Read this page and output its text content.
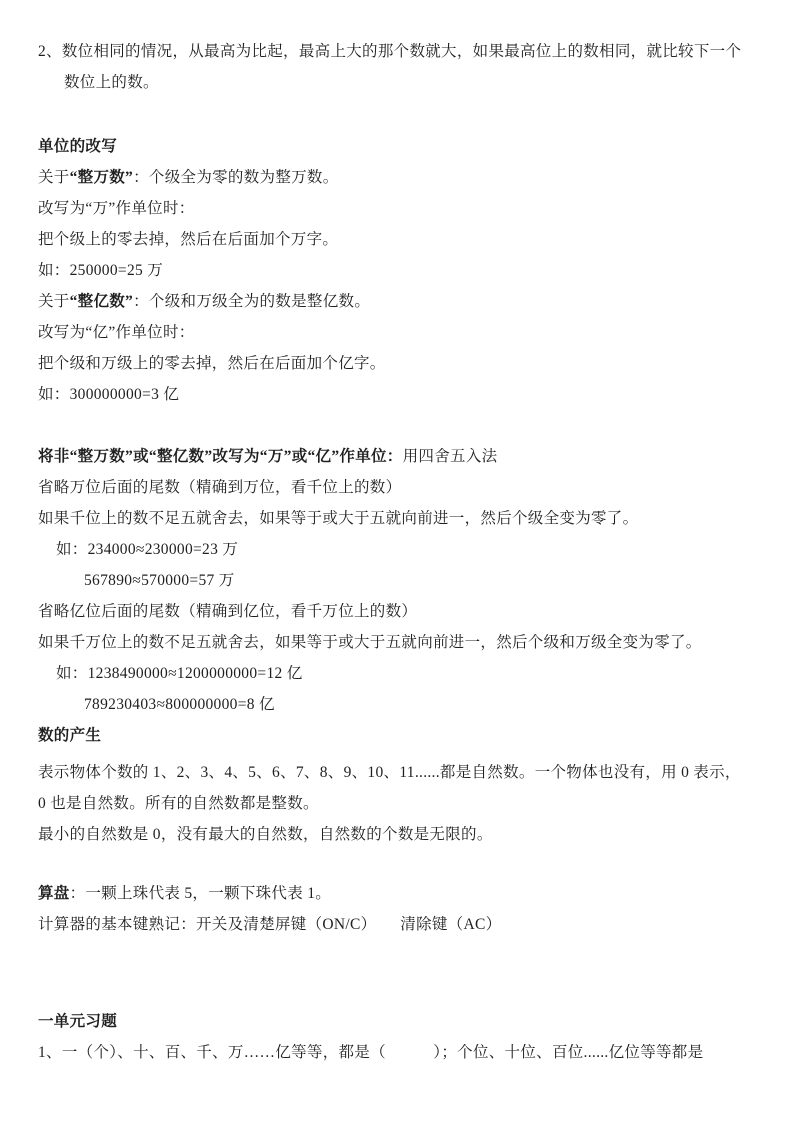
2、数位相同的情况，从最高为比起，最高上大的那个数就大，如果最高位上的数相同，就比较下一个

数位上的数。

单位的改写

关于“整万数”：个级全为零的数为整万数。

改写为“万”作单位时：

把个级上的零去掉，然后在后面加个万字。

如：250000=25 万

关于“整亿数”：个级和万级全为的数是整亿数。

改写为“亿”作单位时：

把个级和万级上的零去掉，然后在后面加个亿字。

如：300000000=3 亿

将非“整万数”或“整亿数”改写为“万”或“亿”作单位：用四舍五入法

省略万位后面的尾数（精确到万位，看千位上的数）

如果千位上的数不足五就舍去，如果等于或大于五就向前进一，然后个级全变为零了。

如：234000≈230000=23 万

567890≈570000=57 万

省略亿位后面的尾数（精确到亿位，看千万位上的数）

如果千万位上的数不足五就舍去，如果等于或大于五就向前进一，然后个级和万级全变为零了。

如：1238490000≈1200000000=12 亿

789230403≈800000000=8 亿

数的产生

表示物体个数的 1、2、3、4、5、6、7、8、9、10、11......都是自然数。一个物体也没有，用 0 表示，

0 也是自然数。所有的自然数都是整数。

最小的自然数是 0，没有最大的自然数，自然数的个数是无限的。

算盘：一颗上珠代表 5，一颗下珠代表 1。

计算器的基本键熟记：开关及清楚屏键（ON/C）　　清除键（AC）

一单元习题

1、一（个）、十、百、千、万……亿等等，都是（　　　）；个位、十位、百位......亿位等等都是
